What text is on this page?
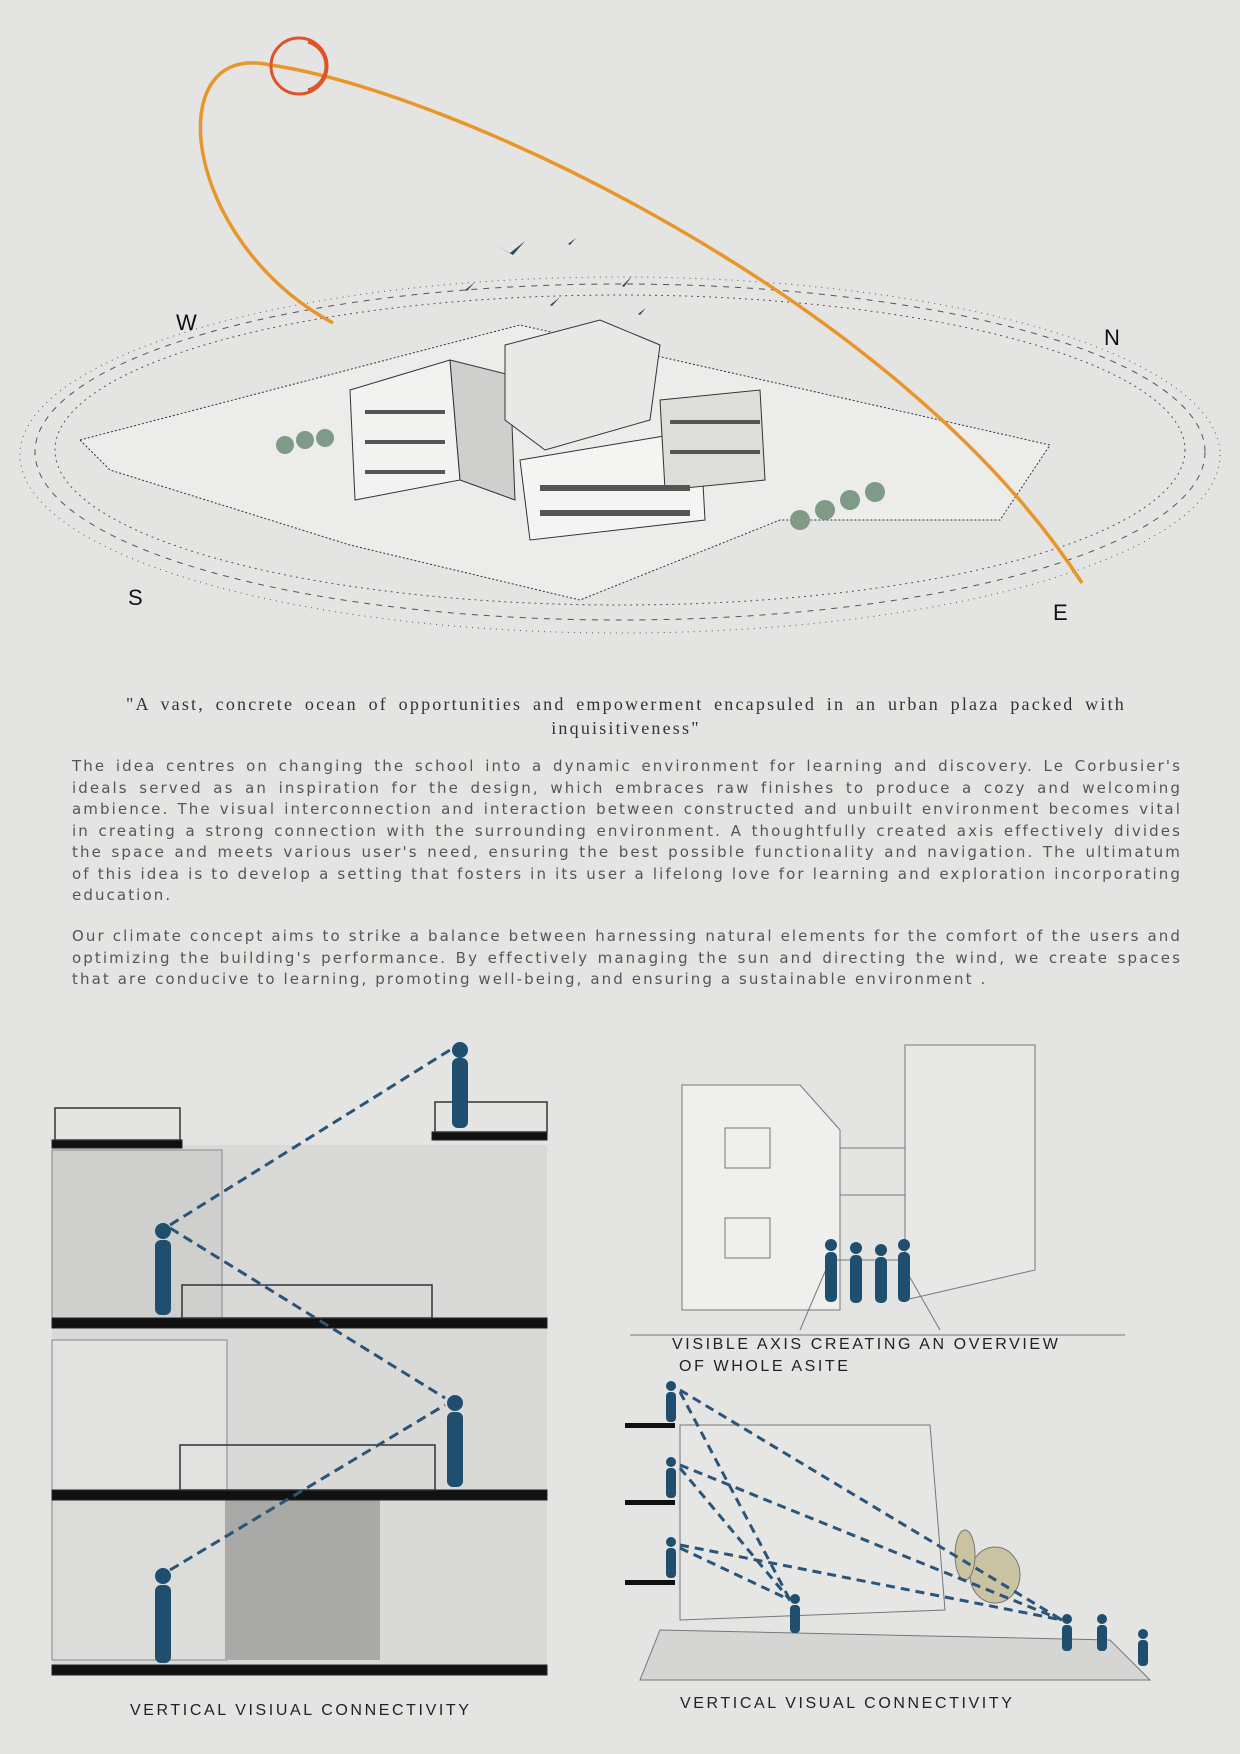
W
N
S
E
"A vast, concrete ocean of opportunities and empowerment encapsuled in an urban plaza packed with inquisitiveness"
The idea centres on changing the school into a dynamic environment for learning and discovery. Le Corbusier's ideals served as an inspiration for the design, which embraces raw finishes to produce a cozy and welcoming ambience. The visual interconnection and interaction between constructed and unbuilt environment becomes vital in creating a strong connection with the surrounding environment. A thoughtfully created axis effectively divides the space and meets various user's need, ensuring the best possible functionality and navigation. The ultimatum of this idea is to develop a setting that fosters in its user a lifelong love for learning and exploration incorporating education.
Our climate concept aims to strike a balance between harnessing natural elements for the comfort of the users and optimizing the building's performance. By effectively managing the sun and directing the wind, we create spaces that are conducive to learning, promoting well-being, and ensuring a sustainable environment .
VERTICAL VISIUAL CONNECTIVITY
VISIBLE AXIS CREATING AN OVERVIEW
OF WHOLE ASITE
VERTICAL VISUAL CONNECTIVITY
